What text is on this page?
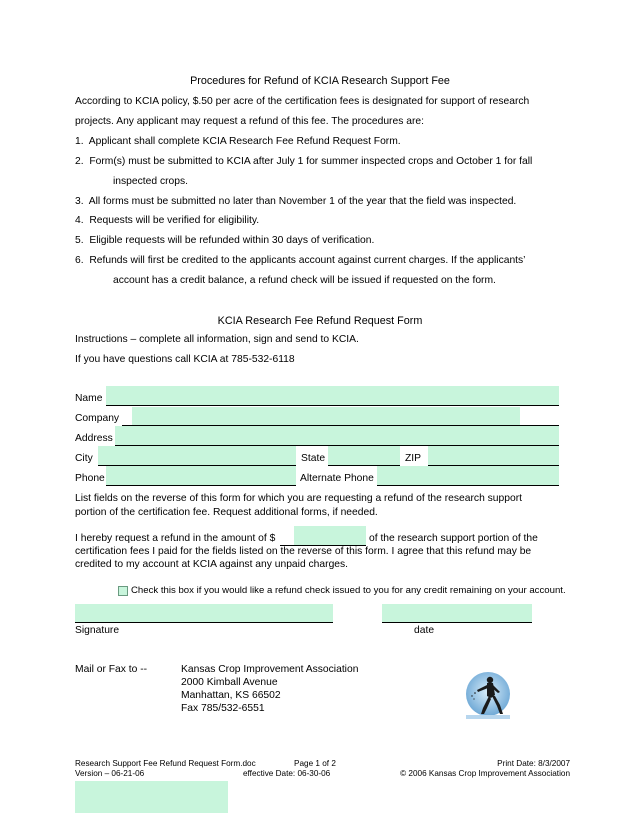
Procedures for Refund of KCIA Research Support Fee
According to KCIA policy, $.50 per acre of the certification fees is designated for support of research
projects. Any applicant may request a refund of this fee. The procedures are:
1. Applicant shall complete KCIA Research Fee Refund Request Form.
2. Form(s) must be submitted to KCIA after July 1 for summer inspected crops and October 1 for fall
inspected crops.
3. All forms must be submitted no later than November 1 of the year that the field was inspected.
4. Requests will be verified for eligibility.
5. Eligible requests will be refunded within 30 days of verification.
6. Refunds will first be credited to the applicants account against current charges. If the applicants’
account has a credit balance, a refund check will be issued if requested on the form.
KCIA Research Fee Refund Request Form
Instructions – complete all information, sign and send to KCIA.
If you have questions call KCIA at 785-532-6118
Name
Company
Address
City	State	ZIP
Phone	Alternate Phone
List fields on the reverse of this form for which you are requesting a refund of the research support
portion of the certification fee. Request additional forms, if needed.
I hereby request a refund in the amount of $	of the research support portion of the
certification fees I paid for the fields listed on the reverse of this form. I agree that this refund may be
credited to my account at KCIA against any unpaid charges.
Check this box if you would like a refund check issued to you for any credit remaining on your account.
Signature	date
Mail or Fax to --	Kansas Crop Improvement Association
2000 Kimball Avenue
Manhattan, KS 66502
Fax 785/532-6551
Research Support Fee Refund Request Form.doc
Version – 06-21-06
Page 1 of 2
effective Date: 06-30-06
Print Date: 8/3/2007
© 2006 Kansas Crop Improvement Association
